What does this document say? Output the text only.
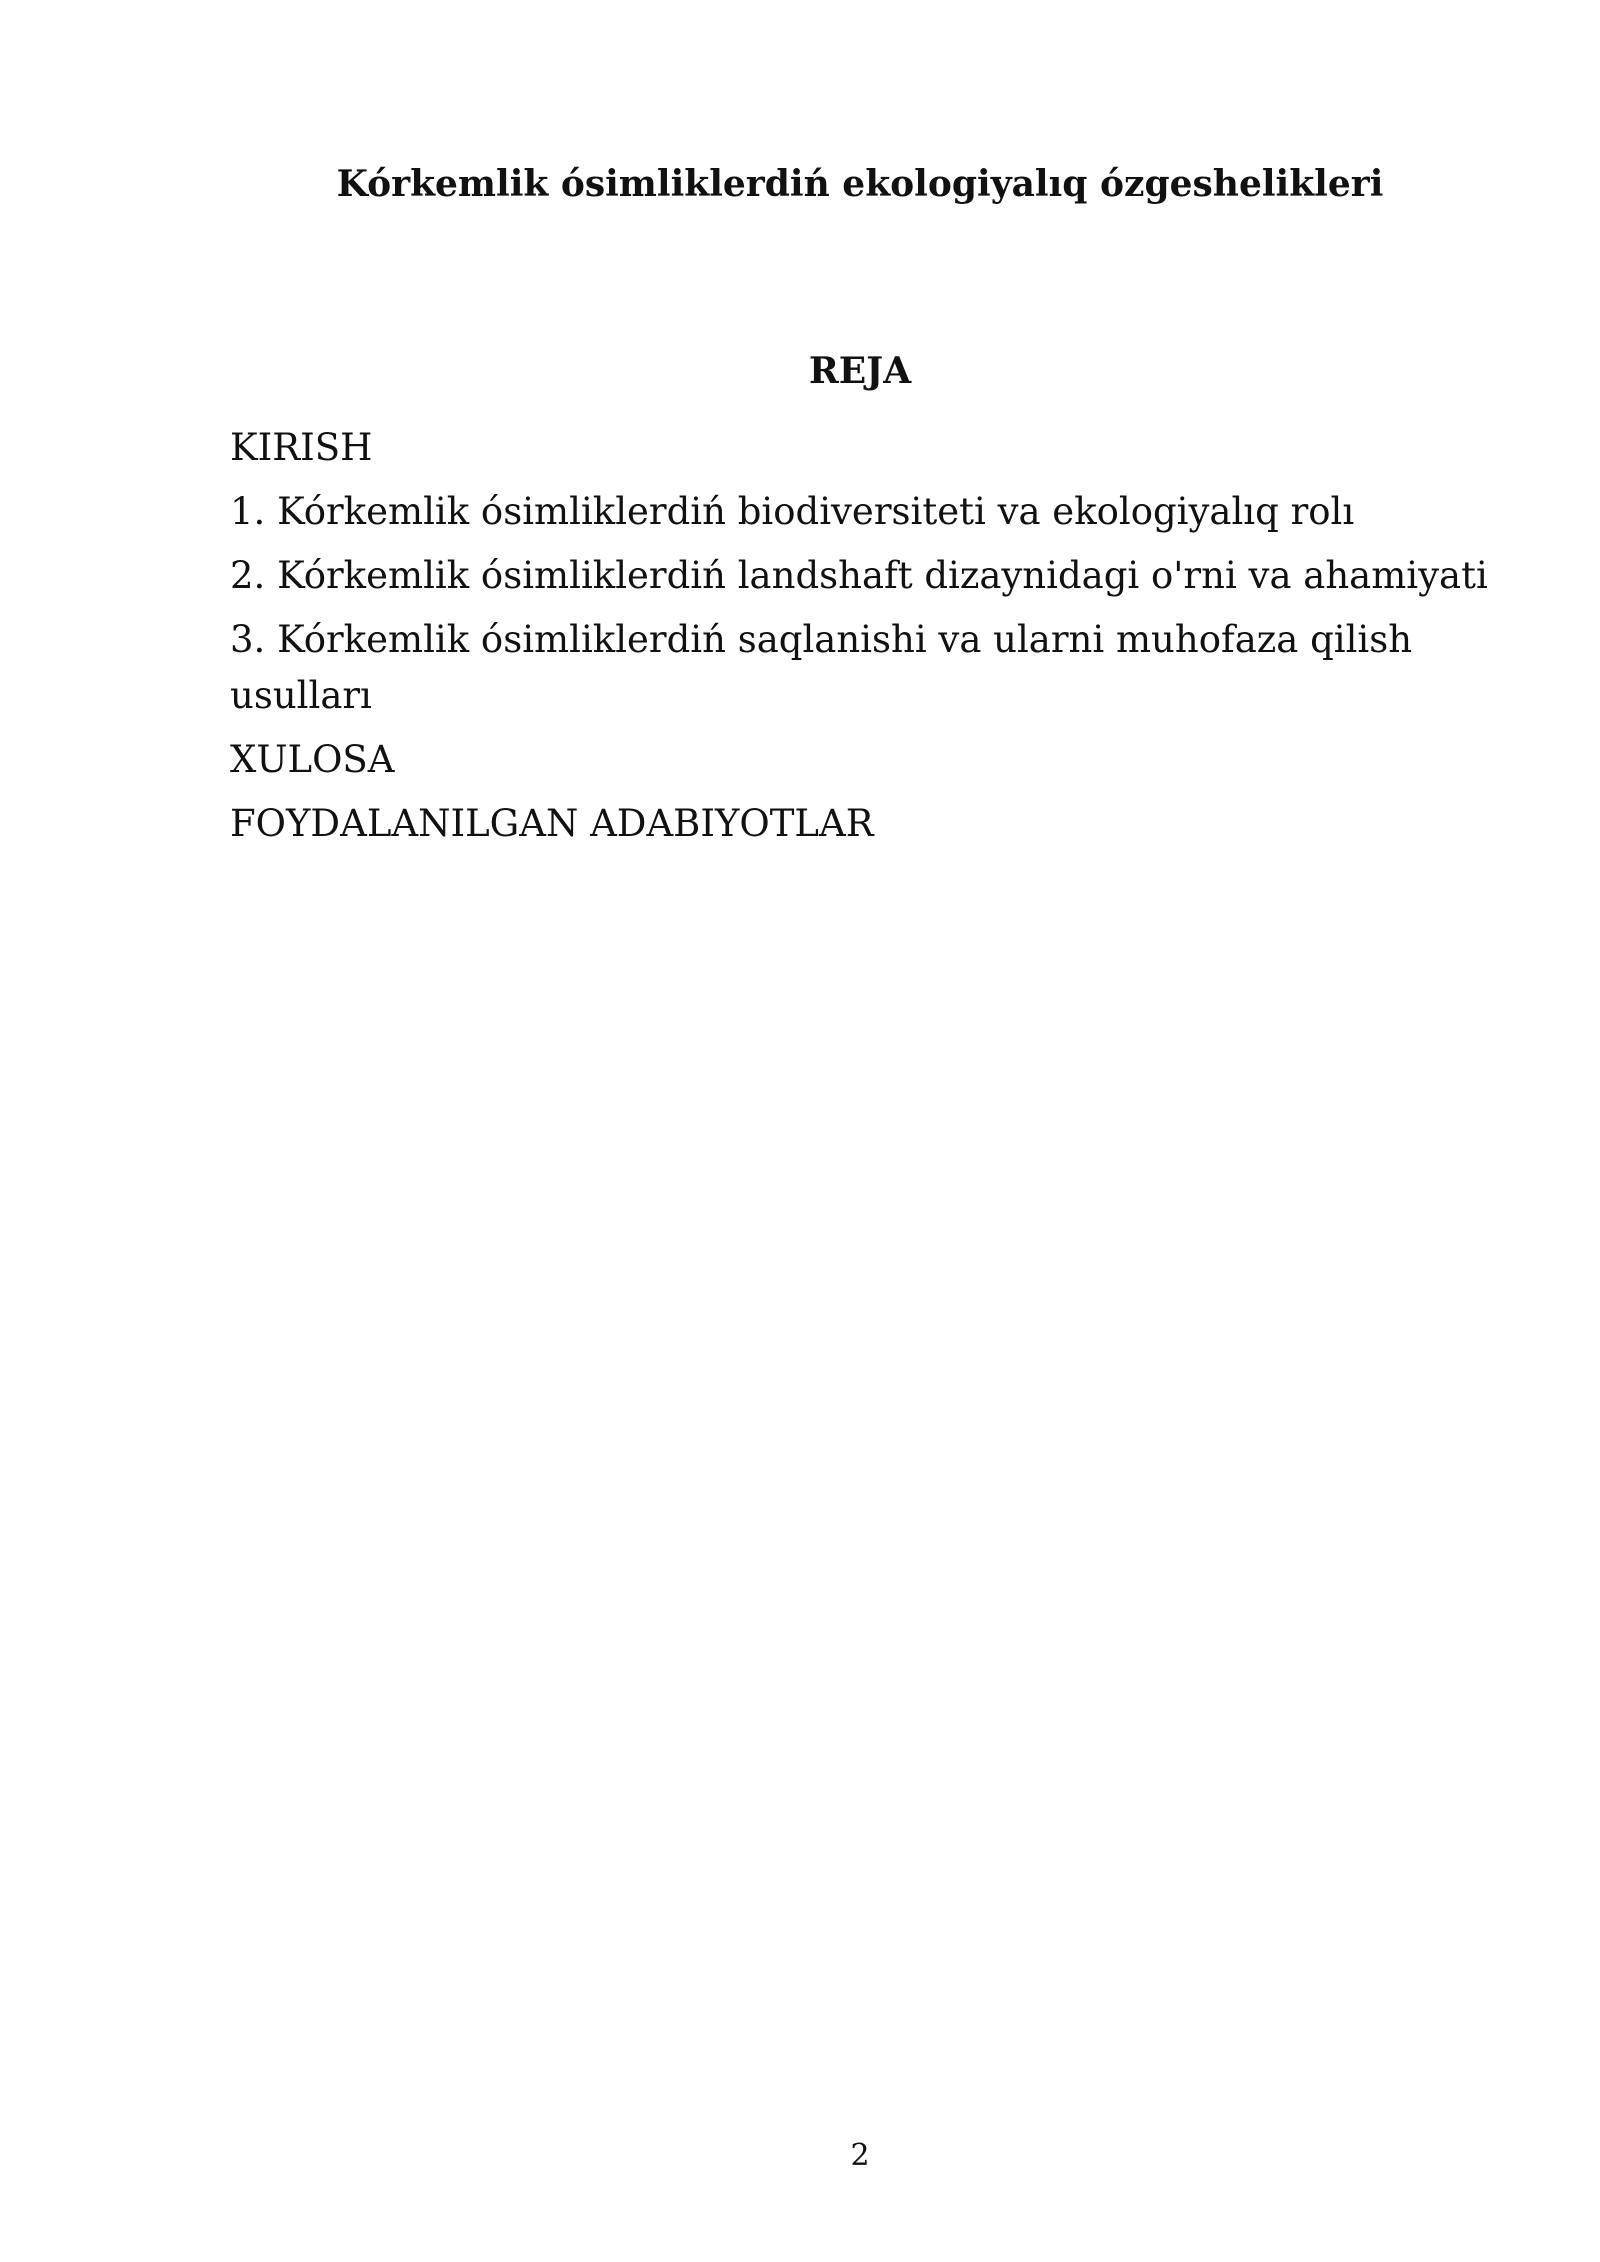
Kórkemlik ósimliklerdiń ekologiyalıq ózgeshelikleri
REJA
KIRISH
1. Kórkemlik ósimliklerdiń biodiversiteti va ekologiyalıq rolı
2. Kórkemlik ósimliklerdiń landshaft dizaynidagi o'rni va ahamiyati
3. Kórkemlik ósimliklerdiń saqlanishi va ularni muhofaza qilish usulları
XULOSA
FOYDALANILGAN ADABIYOTLAR
2
